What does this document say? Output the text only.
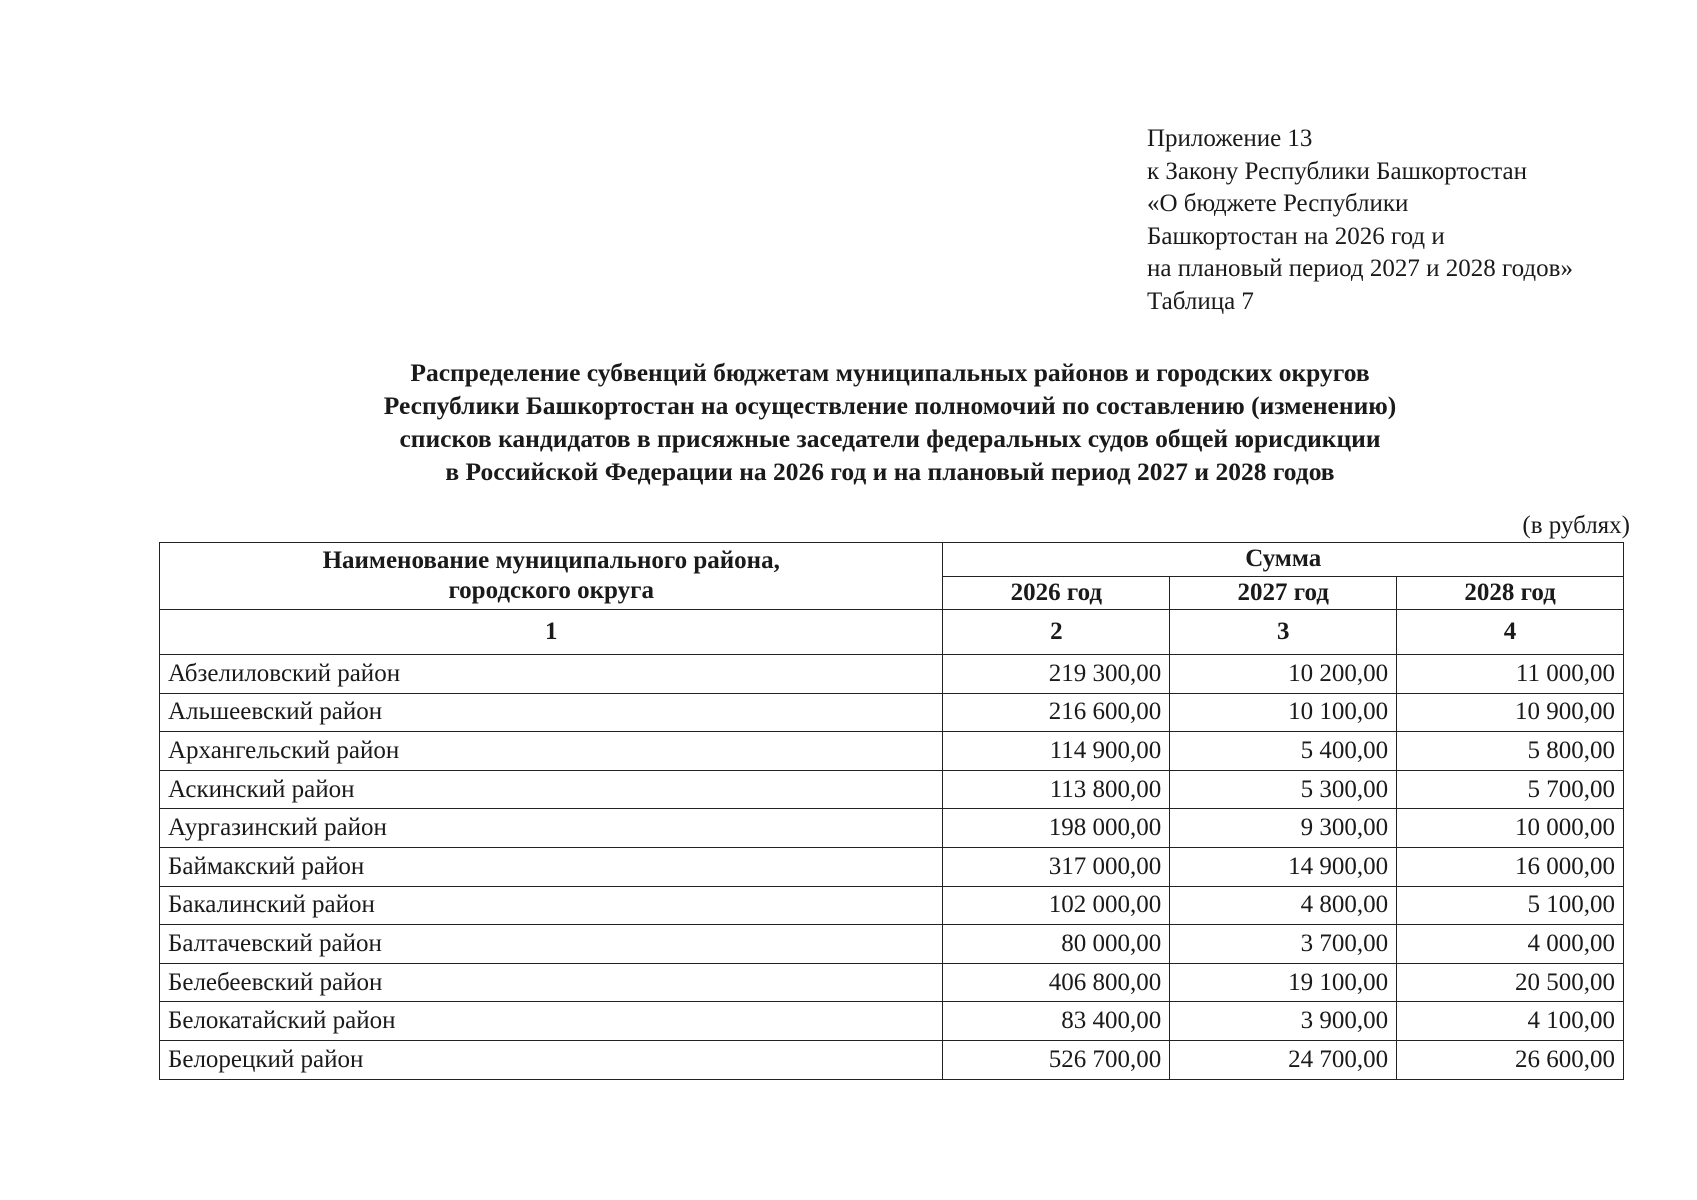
Приложение 13
к Закону Республики Башкортостан
«О бюджете Республики
Башкортостан на 2026 год и
на плановый период 2027 и 2028 годов»
Таблица 7
Распределение субвенций бюджетам муниципальных районов и городских округов
Республики Башкортостан на осуществление полномочий по составлению (изменению)
списков кандидатов в присяжные заседатели федеральных судов общей юрисдикции
в Российской Федерации на 2026 год и на плановый период 2027 и 2028 годов
(в рублях)
Наименование муниципального района,
городского округа	Сумма		
	2026 год	2027 год	2028 год
1	2	3	4
Абзелиловский район	219 300,00	10 200,00	11 000,00
Альшеевский район	216 600,00	10 100,00	10 900,00
Архангельский район	114 900,00	5 400,00	5 800,00
Аскинский район	113 800,00	5 300,00	5 700,00
Аургазинский район	198 000,00	9 300,00	10 000,00
Баймакский район	317 000,00	14 900,00	16 000,00
Бакалинский район	102 000,00	4 800,00	5 100,00
Балтачевский район	80 000,00	3 700,00	4 000,00
Белебеевский район	406 800,00	19 100,00	20 500,00
Белокатайский район	83 400,00	3 900,00	4 100,00
Белорецкий район	526 700,00	24 700,00	26 600,00
